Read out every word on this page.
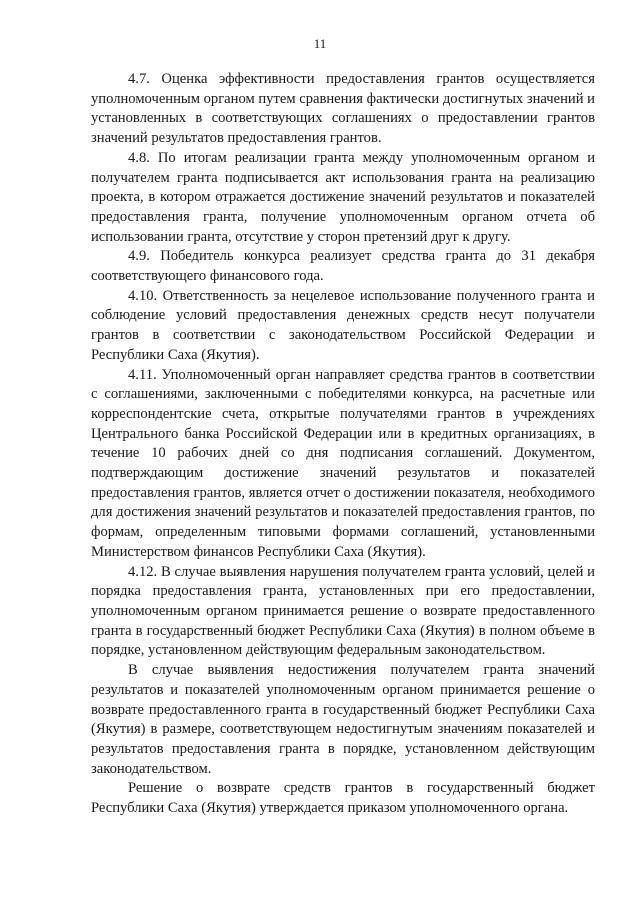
11

4.7. Оценка эффективности предоставления грантов осуществляется уполномоченным органом путем сравнения фактически достигнутых значений и установленных в соответствующих соглашениях о предоставлении грантов значений результатов предоставления грантов.

4.8. По итогам реализации гранта между уполномоченным органом и получателем гранта подписывается акт использования гранта на реализацию проекта, в котором отражается достижение значений результатов и показателей предоставления гранта, получение уполномоченным органом отчета об использовании гранта, отсутствие у сторон претензий друг к другу.

4.9. Победитель конкурса реализует средства гранта до 31 декабря соответствующего финансового года.

4.10. Ответственность за нецелевое использование полученного гранта и соблюдение условий предоставления денежных средств несут получатели грантов в соответствии с законодательством Российской Федерации и Республики Саха (Якутия).

4.11. Уполномоченный орган направляет средства грантов в соответствии с соглашениями, заключенными с победителями конкурса, на расчетные или корреспондентские счета, открытые получателями грантов в учреждениях Центрального банка Российской Федерации или в кредитных организациях, в течение 10 рабочих дней со дня подписания соглашений. Документом, подтверждающим достижение значений результатов и показателей предоставления грантов, является отчет о достижении показателя, необходимого для достижения значений результатов и показателей предоставления грантов, по формам, определенным типовыми формами соглашений, установленными Министерством финансов Республики Саха (Якутия).

4.12. В случае выявления нарушения получателем гранта условий, целей и порядка предоставления гранта, установленных при его предоставлении, уполномоченным органом принимается решение о возврате предоставленного гранта в государственный бюджет Республики Саха (Якутия) в полном объеме в порядке, установленном действующим федеральным законодательством.

В случае выявления недостижения получателем гранта значений результатов и показателей уполномоченным органом принимается решение о возврате предоставленного гранта в государственный бюджет Республики Саха (Якутия) в размере, соответствующем недостигнутым значениям показателей и результатов предоставления гранта в порядке, установленном действующим законодательством.

Решение о возврате средств грантов в государственный бюджет Республики Саха (Якутия) утверждается приказом уполномоченного органа.
